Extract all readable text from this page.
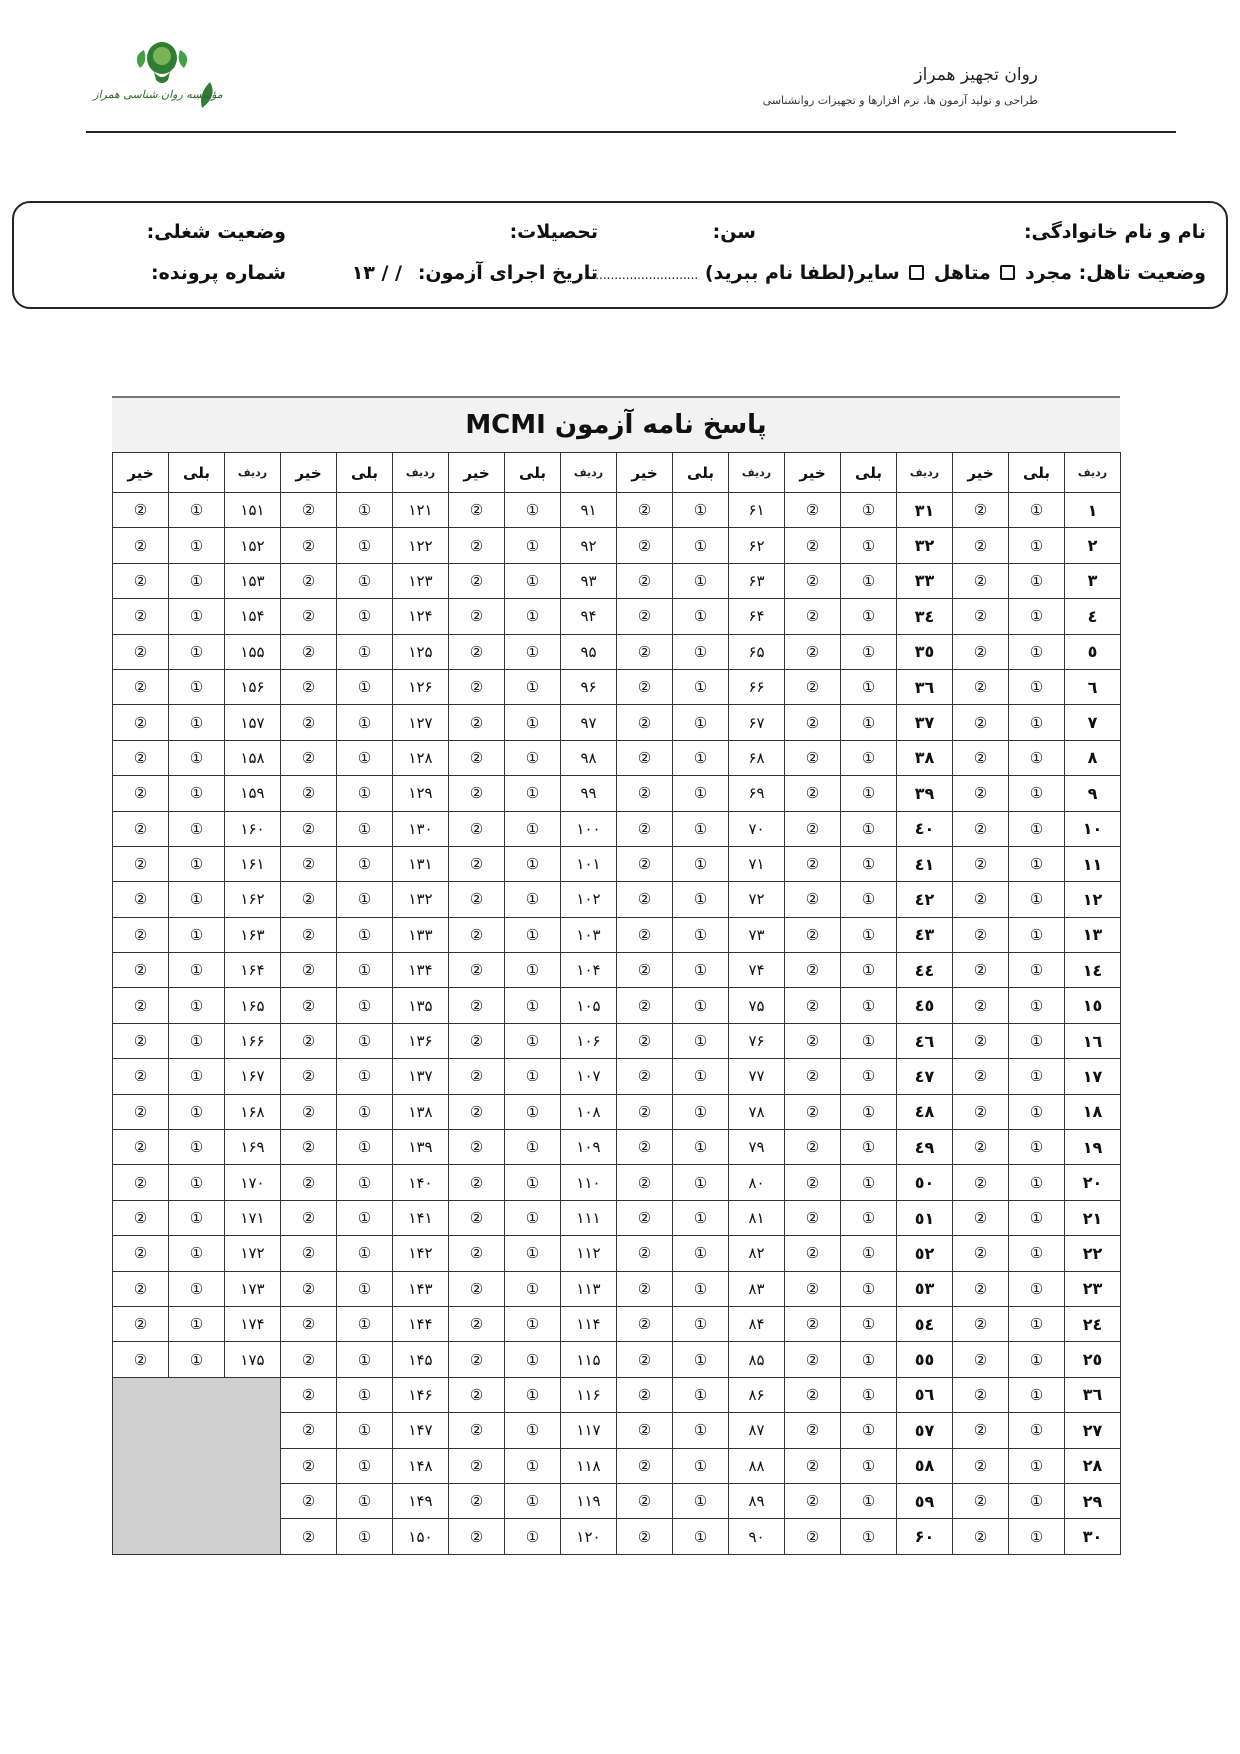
مؤسسه روان شناسی همراز
روان تجهیز همراز
طراحی و تولید آزمون ها، نرم افزارها و تجهیزات روانشناسی
نام و نام خانوادگی:
سن:
تحصیلات:
وضعیت شغلی:
وضعیت تاهل: مجرد  متاهل  سایر(لطفا نام ببرید) ...............................
تاریخ اجرای آزمون:
/ / ۱۳
شماره پرونده:
پاسخ نامه آزمون MCMI
ردیف	بلی	خیر	ردیف	بلی	خیر	ردیف	بلی	خیر	ردیف	بلی	خیر	ردیف	بلی	خیر	ردیف	بلی	خیر
۱	①	②	۳۱	①	②	۶۱	①	②	۹۱	①	②	۱۲۱	①	②	۱۵۱	①	②
۲	①	②	۳۲	①	②	۶۲	①	②	۹۲	①	②	۱۲۲	①	②	۱۵۲	①	②
۳	①	②	۳۳	①	②	۶۳	①	②	۹۳	①	②	۱۲۳	①	②	۱۵۳	①	②
٤	①	②	۳٤	①	②	۶۴	①	②	۹۴	①	②	۱۲۴	①	②	۱۵۴	①	②
٥	①	②	۳٥	①	②	۶۵	①	②	۹۵	①	②	۱۲۵	①	②	۱۵۵	①	②
٦	①	②	۳٦	①	②	۶۶	①	②	۹۶	①	②	۱۲۶	①	②	۱۵۶	①	②
٧	①	②	۳۷	①	②	۶۷	①	②	۹۷	①	②	۱۲۷	①	②	۱۵۷	①	②
۸	①	②	۳۸	①	②	۶۸	①	②	۹۸	①	②	۱۲۸	①	②	۱۵۸	①	②
۹	①	②	۳۹	①	②	۶۹	①	②	۹۹	①	②	۱۲۹	①	②	۱۵۹	①	②
۱۰	①	②	٤۰	①	②	۷۰	①	②	۱۰۰	①	②	۱۳۰	①	②	۱۶۰	①	②
۱۱	①	②	٤۱	①	②	۷۱	①	②	۱۰۱	①	②	۱۳۱	①	②	۱۶۱	①	②
۱۲	①	②	٤۲	①	②	۷۲	①	②	۱۰۲	①	②	۱۳۲	①	②	۱۶۲	①	②
۱۳	①	②	٤۳	①	②	۷۳	①	②	۱۰۳	①	②	۱۳۳	①	②	۱۶۳	①	②
١٤	①	②	٤٤	①	②	۷۴	①	②	۱۰۴	①	②	۱۳۴	①	②	۱۶۴	①	②
۱٥	①	②	٤٥	①	②	۷۵	①	②	۱۰۵	①	②	۱۳۵	①	②	۱۶۵	①	②
١٦	①	②	٤٦	①	②	۷۶	①	②	۱۰۶	①	②	۱۳۶	①	②	۱۶۶	①	②
۱۷	①	②	٤۷	①	②	۷۷	①	②	۱۰۷	①	②	۱۳۷	①	②	۱۶۷	①	②
۱۸	①	②	٤۸	①	②	۷۸	①	②	۱۰۸	①	②	۱۳۸	①	②	۱۶۸	①	②
۱۹	①	②	٤۹	①	②	۷۹	①	②	۱۰۹	①	②	۱۳۹	①	②	۱۶۹	①	②
۲۰	①	②	٥۰	①	②	۸۰	①	②	۱۱۰	①	②	۱۴۰	①	②	۱۷۰	①	②
۲۱	①	②	٥۱	①	②	۸۱	①	②	۱۱۱	①	②	۱۴۱	①	②	۱۷۱	①	②
۲۲	①	②	٥۲	①	②	۸۲	①	②	۱۱۲	①	②	۱۴۲	①	②	۱۷۲	①	②
۲۳	①	②	٥۳	①	②	۸۳	①	②	۱۱۳	①	②	۱۴۳	①	②	۱۷۳	①	②
۲٤	①	②	٥٤	①	②	۸۴	①	②	۱۱۴	①	②	۱۴۴	①	②	۱۷۴	①	②
۲٥	①	②	٥٥	①	②	۸۵	①	②	۱۱۵	①	②	۱۴۵	①	②	۱۷۵	①	②
۳٦	①	②	٥٦	①	②	۸۶	①	②	۱۱۶	①	②	۱۴۶	①	②			
۲۷	①	②	٥۷	①	②	۸۷	①	②	۱۱۷	①	②	۱۴۷	①	②			
۲۸	①	②	٥۸	①	②	۸۸	①	②	۱۱۸	①	②	۱۴۸	①	②			
۲۹	①	②	٥۹	①	②	۸۹	①	②	۱۱۹	①	②	۱۴۹	①	②			
۳۰	①	②	۶۰	①	②	۹۰	①	②	۱۲۰	①	②	۱۵۰	①	②			
